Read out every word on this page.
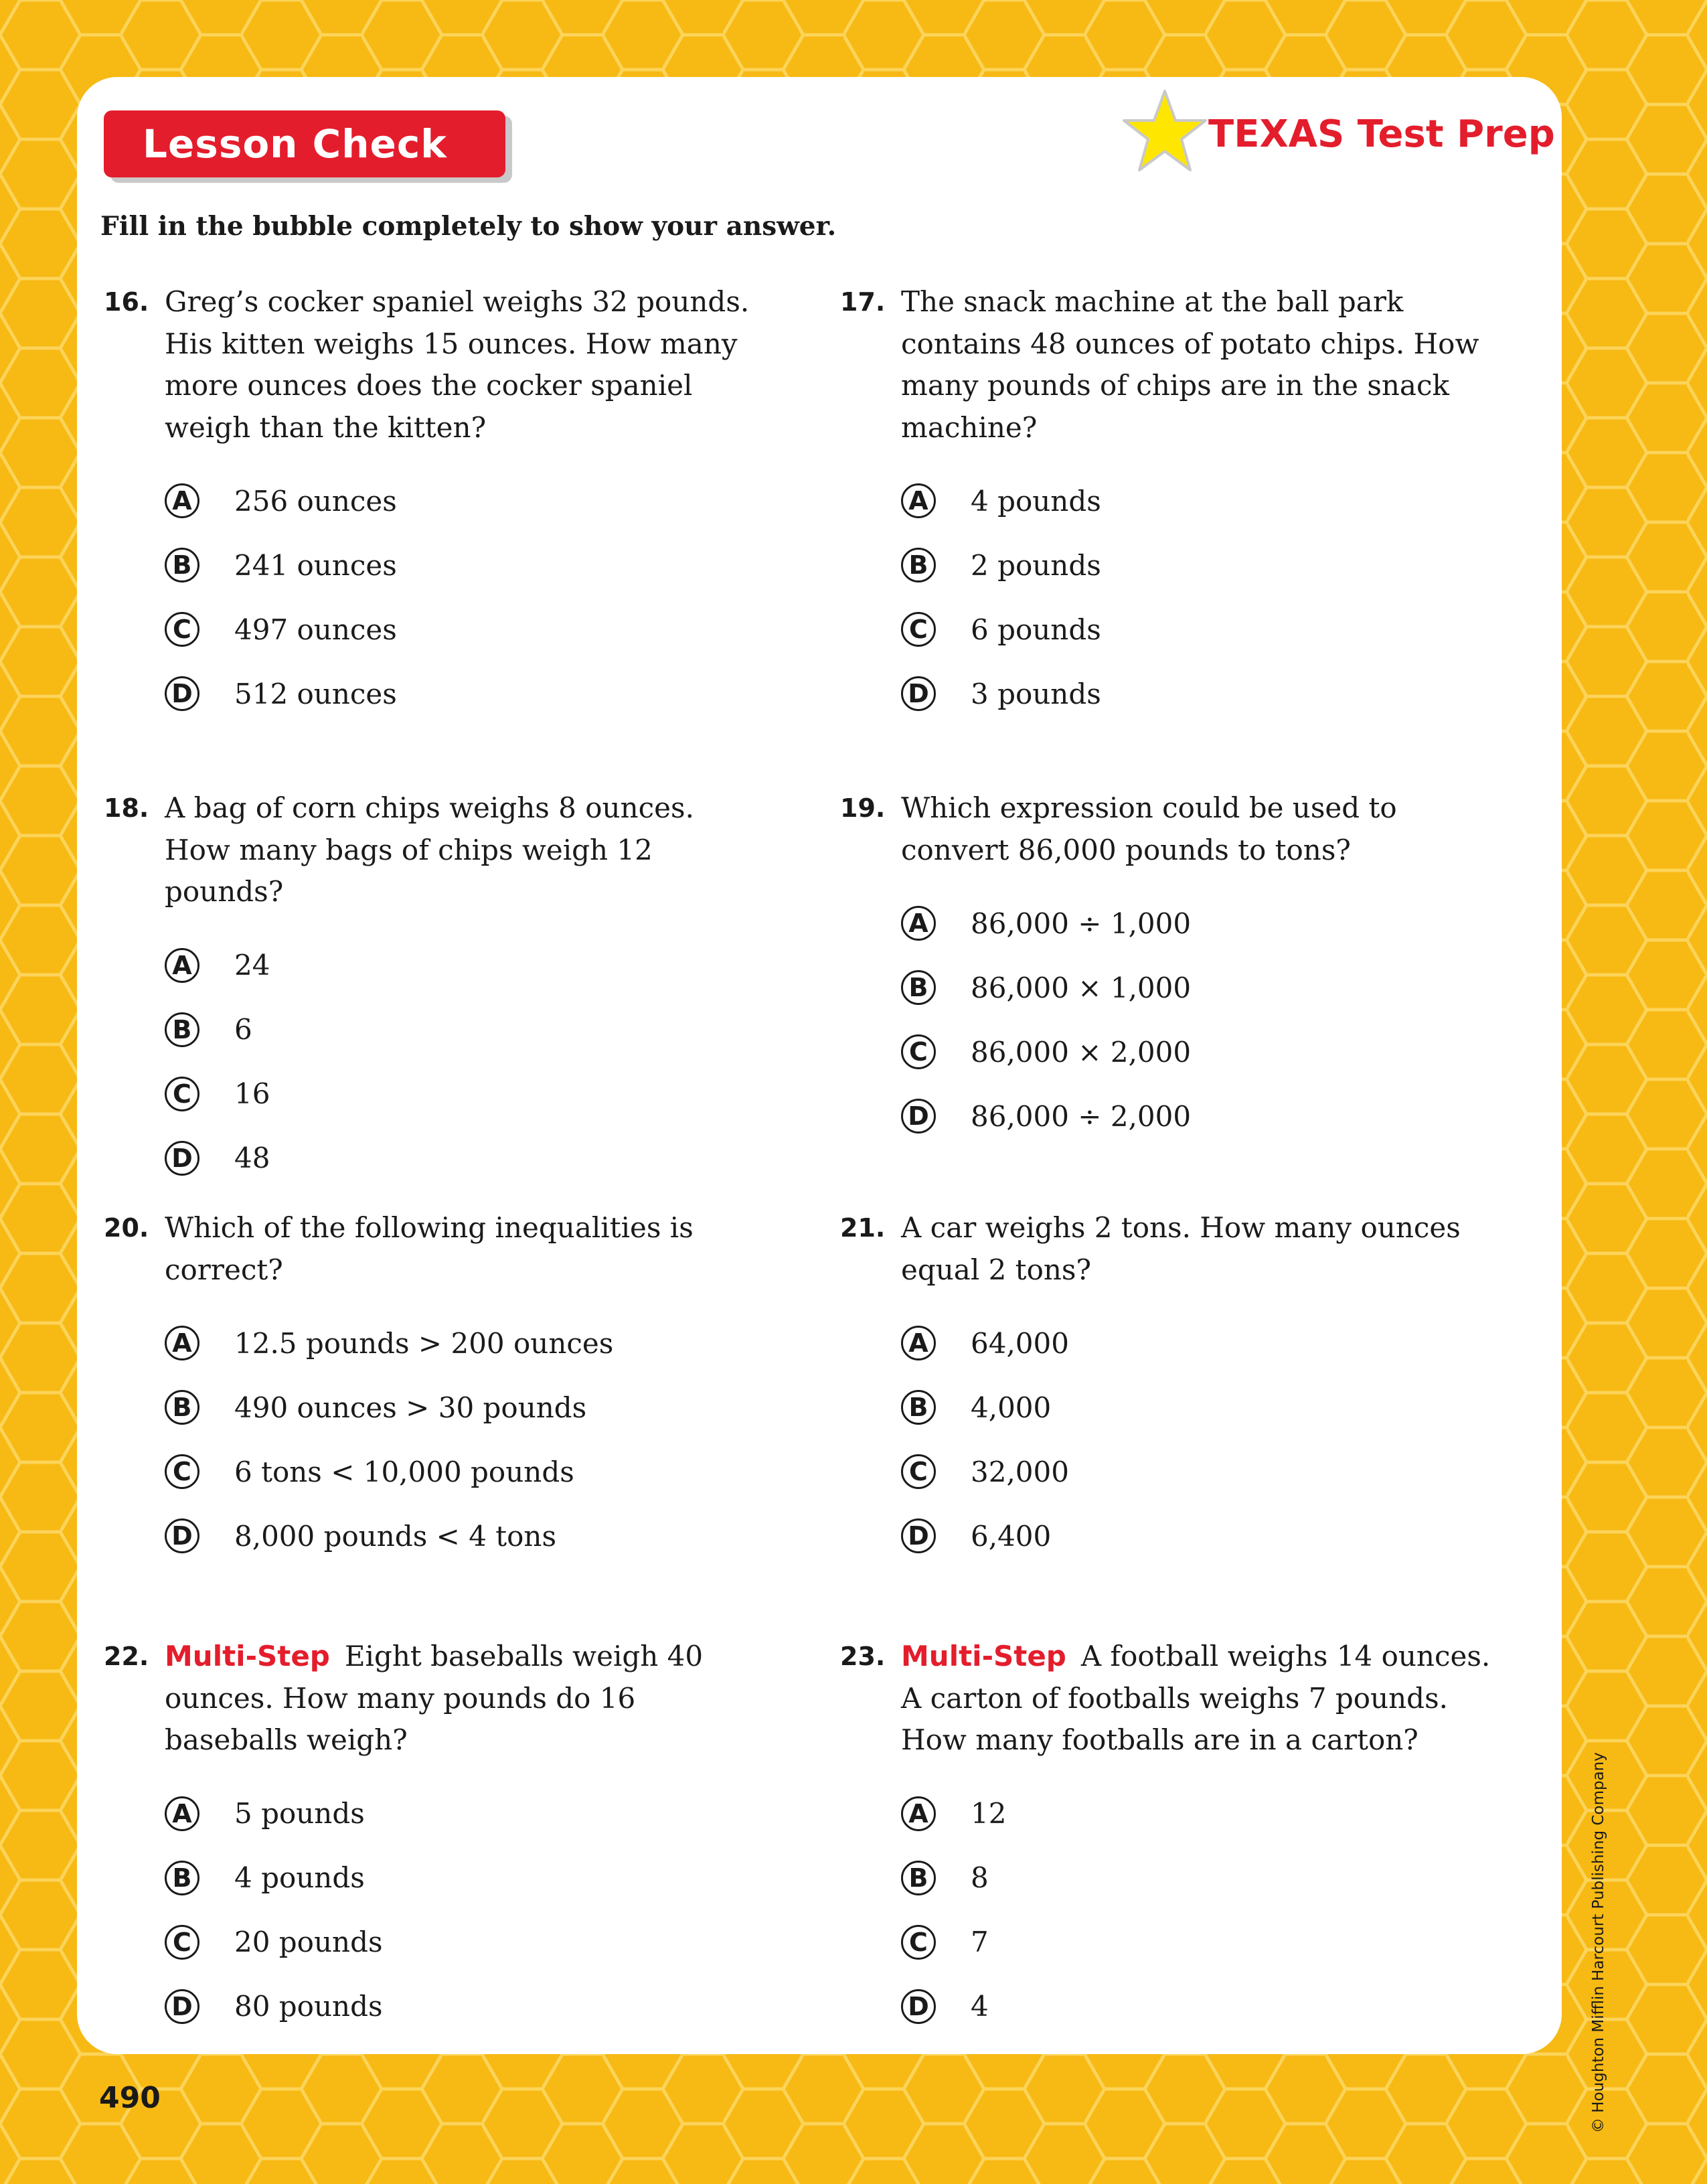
Lesson Check	TEXAS Test Prep
Fill in the bubble completely to show your answer.
16. Greg’s cocker spaniel weighs 32 pounds. His kitten weighs 15 ounces. How many more ounces does the cocker spaniel weigh than the kitten?
A 256 ounces
B 241 ounces
C 497 ounces
D 512 ounces
17. The snack machine at the ball park contains 48 ounces of potato chips. How many pounds of chips are in the snack machine?
A 4 pounds
B 2 pounds
C 6 pounds
D 3 pounds
18. A bag of corn chips weighs 8 ounces. How many bags of chips weigh 12 pounds?
A 24
B 6
C 16
D 48
19. Which expression could be used to convert 86,000 pounds to tons?
A 86,000 ÷ 1,000
B 86,000 × 1,000
C 86,000 × 2,000
D 86,000 ÷ 2,000
20. Which of the following inequalities is correct?
A 12.5 pounds > 200 ounces
B 490 ounces > 30 pounds
C 6 tons < 10,000 pounds
D 8,000 pounds < 4 tons
21. A car weighs 2 tons. How many ounces equal 2 tons?
A 64,000
B 4,000
C 32,000
D 6,400
22. Multi-Step Eight baseballs weigh 40 ounces. How many pounds do 16 baseballs weigh?
A 5 pounds
B 4 pounds
C 20 pounds
D 80 pounds
23. Multi-Step A football weighs 14 ounces. A carton of footballs weighs 7 pounds. How many footballs are in a carton?
A 12
B 8
C 7
D 4
490	© Houghton Mifflin Harcourt Publishing Company
